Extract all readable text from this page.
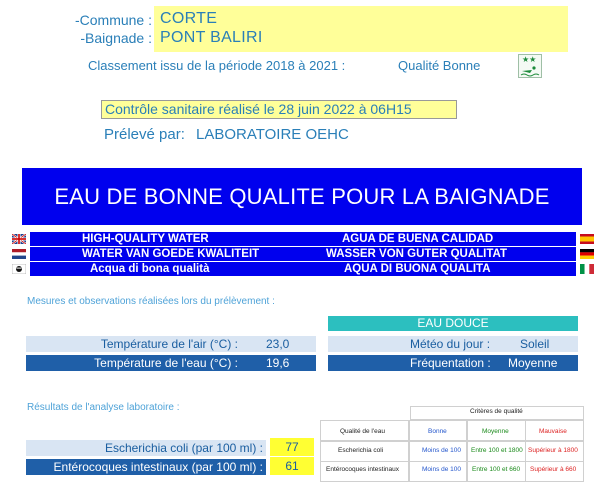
-Commune : CORTE
-Baignade : PONT BALIRI
Classement issu de la période 2018 à 2021 :	Qualité Bonne	★★
Contrôle sanitaire réalisé le 28 juin 2022 à 06H15
Prélevé par: LABORATOIRE OEHC
EAU DE BONNE QUALITE POUR LA BAIGNADE
HIGH-QUALITY WATER	AGUA DE BUENA CALIDAD
WATER VAN GOEDE KWALITEIT	WASSER VON GUTER QUALITAT
Acqua di bona qualità	AQUA DI BUONA QUALITA
Mesures et observations réalisées lors du prélèvement :
Température de l'air (°C) : 23,0
Température de l'eau (°C) : 19,6
EAU DOUCE
Météo du jour : Soleil
Fréquentation : Moyenne
Résultats de l'analyse laboratoire :
Escherichia coli (par 100 ml) :	77
Entérocoques intestinaux (par 100 ml) :	61
Critères de qualité
Qualité de l'eau	Bonne	Moyenne	Mauvaise
Escherichia coli	Moins de 100 Entre 100 et 1800 Supérieur à 1800
Entérocoques intestinaux	Moins de 100 Entre 100 et 660 Supérieur à 660
